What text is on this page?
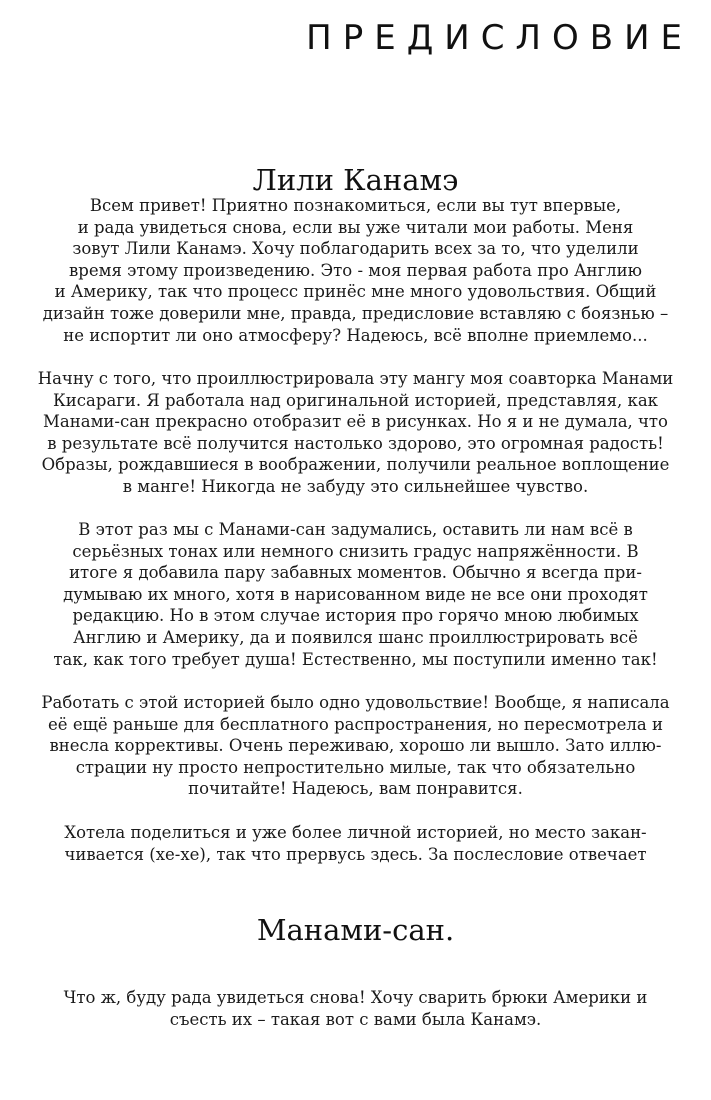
ПРЕДИСЛОВИЕ
Лили Канамэ
Всем привет! Приятно познакомиться, если вы тут впервые,
и рада увидеться снова, если вы уже читали мои работы. Меня
зовут Лили Канамэ. Хочу поблагодарить всех за то, что уделили
время этому произведению. Это - моя первая работа про Англию
и Америку, так что процесс принёс мне много удовольствия. Общий
дизайн тоже доверили мне, правда, предисловие вставляю с боязнью –
не испортит ли оно атмосферу? Надеюсь, всё вполне приемлемо...
Начну с того, что проиллюстрировала эту мангу моя соавторка Манами
Кисараги. Я работала над оригинальной историей, представляя, как
Манами-сан прекрасно отобразит её в рисунках. Но я и не думала, что
в результате всё получится настолько здорово, это огромная радость!
Образы, рождавшиеся в воображении, получили реальное воплощение
в манге! Никогда не забуду это сильнейшее чувство.
В этот раз мы с Манами-сан задумались, оставить ли нам всё в
серьёзных тонах или немного снизить градус напряжённости. В
итоге я добавила пару забавных моментов. Обычно я всегда при-
думываю их много, хотя в нарисованном виде не все они проходят
редакцию. Но в этом случае история про горячо мною любимых
Англию и Америку, да и появился шанс проиллюстрировать всё
так, как того требует душа! Естественно, мы поступили именно так!
Работать с этой историей было одно удовольствие! Вообще, я написала
её ещё раньше для бесплатного распространения, но пересмотрела и
внесла коррективы. Очень переживаю, хорошо ли вышло. Зато иллю-
страции ну просто непростительно милые, так что обязательно
почитайте! Надеюсь, вам понравится.
Хотела поделиться и уже более личной историей, но место закан-
чивается (хе-хе), так что прервусь здесь. За послесловие отвечает
Манами-сан.
Что ж, буду рада увидеться снова! Хочу сварить брюки Америки и
съесть их – такая вот с вами была Канамэ.
